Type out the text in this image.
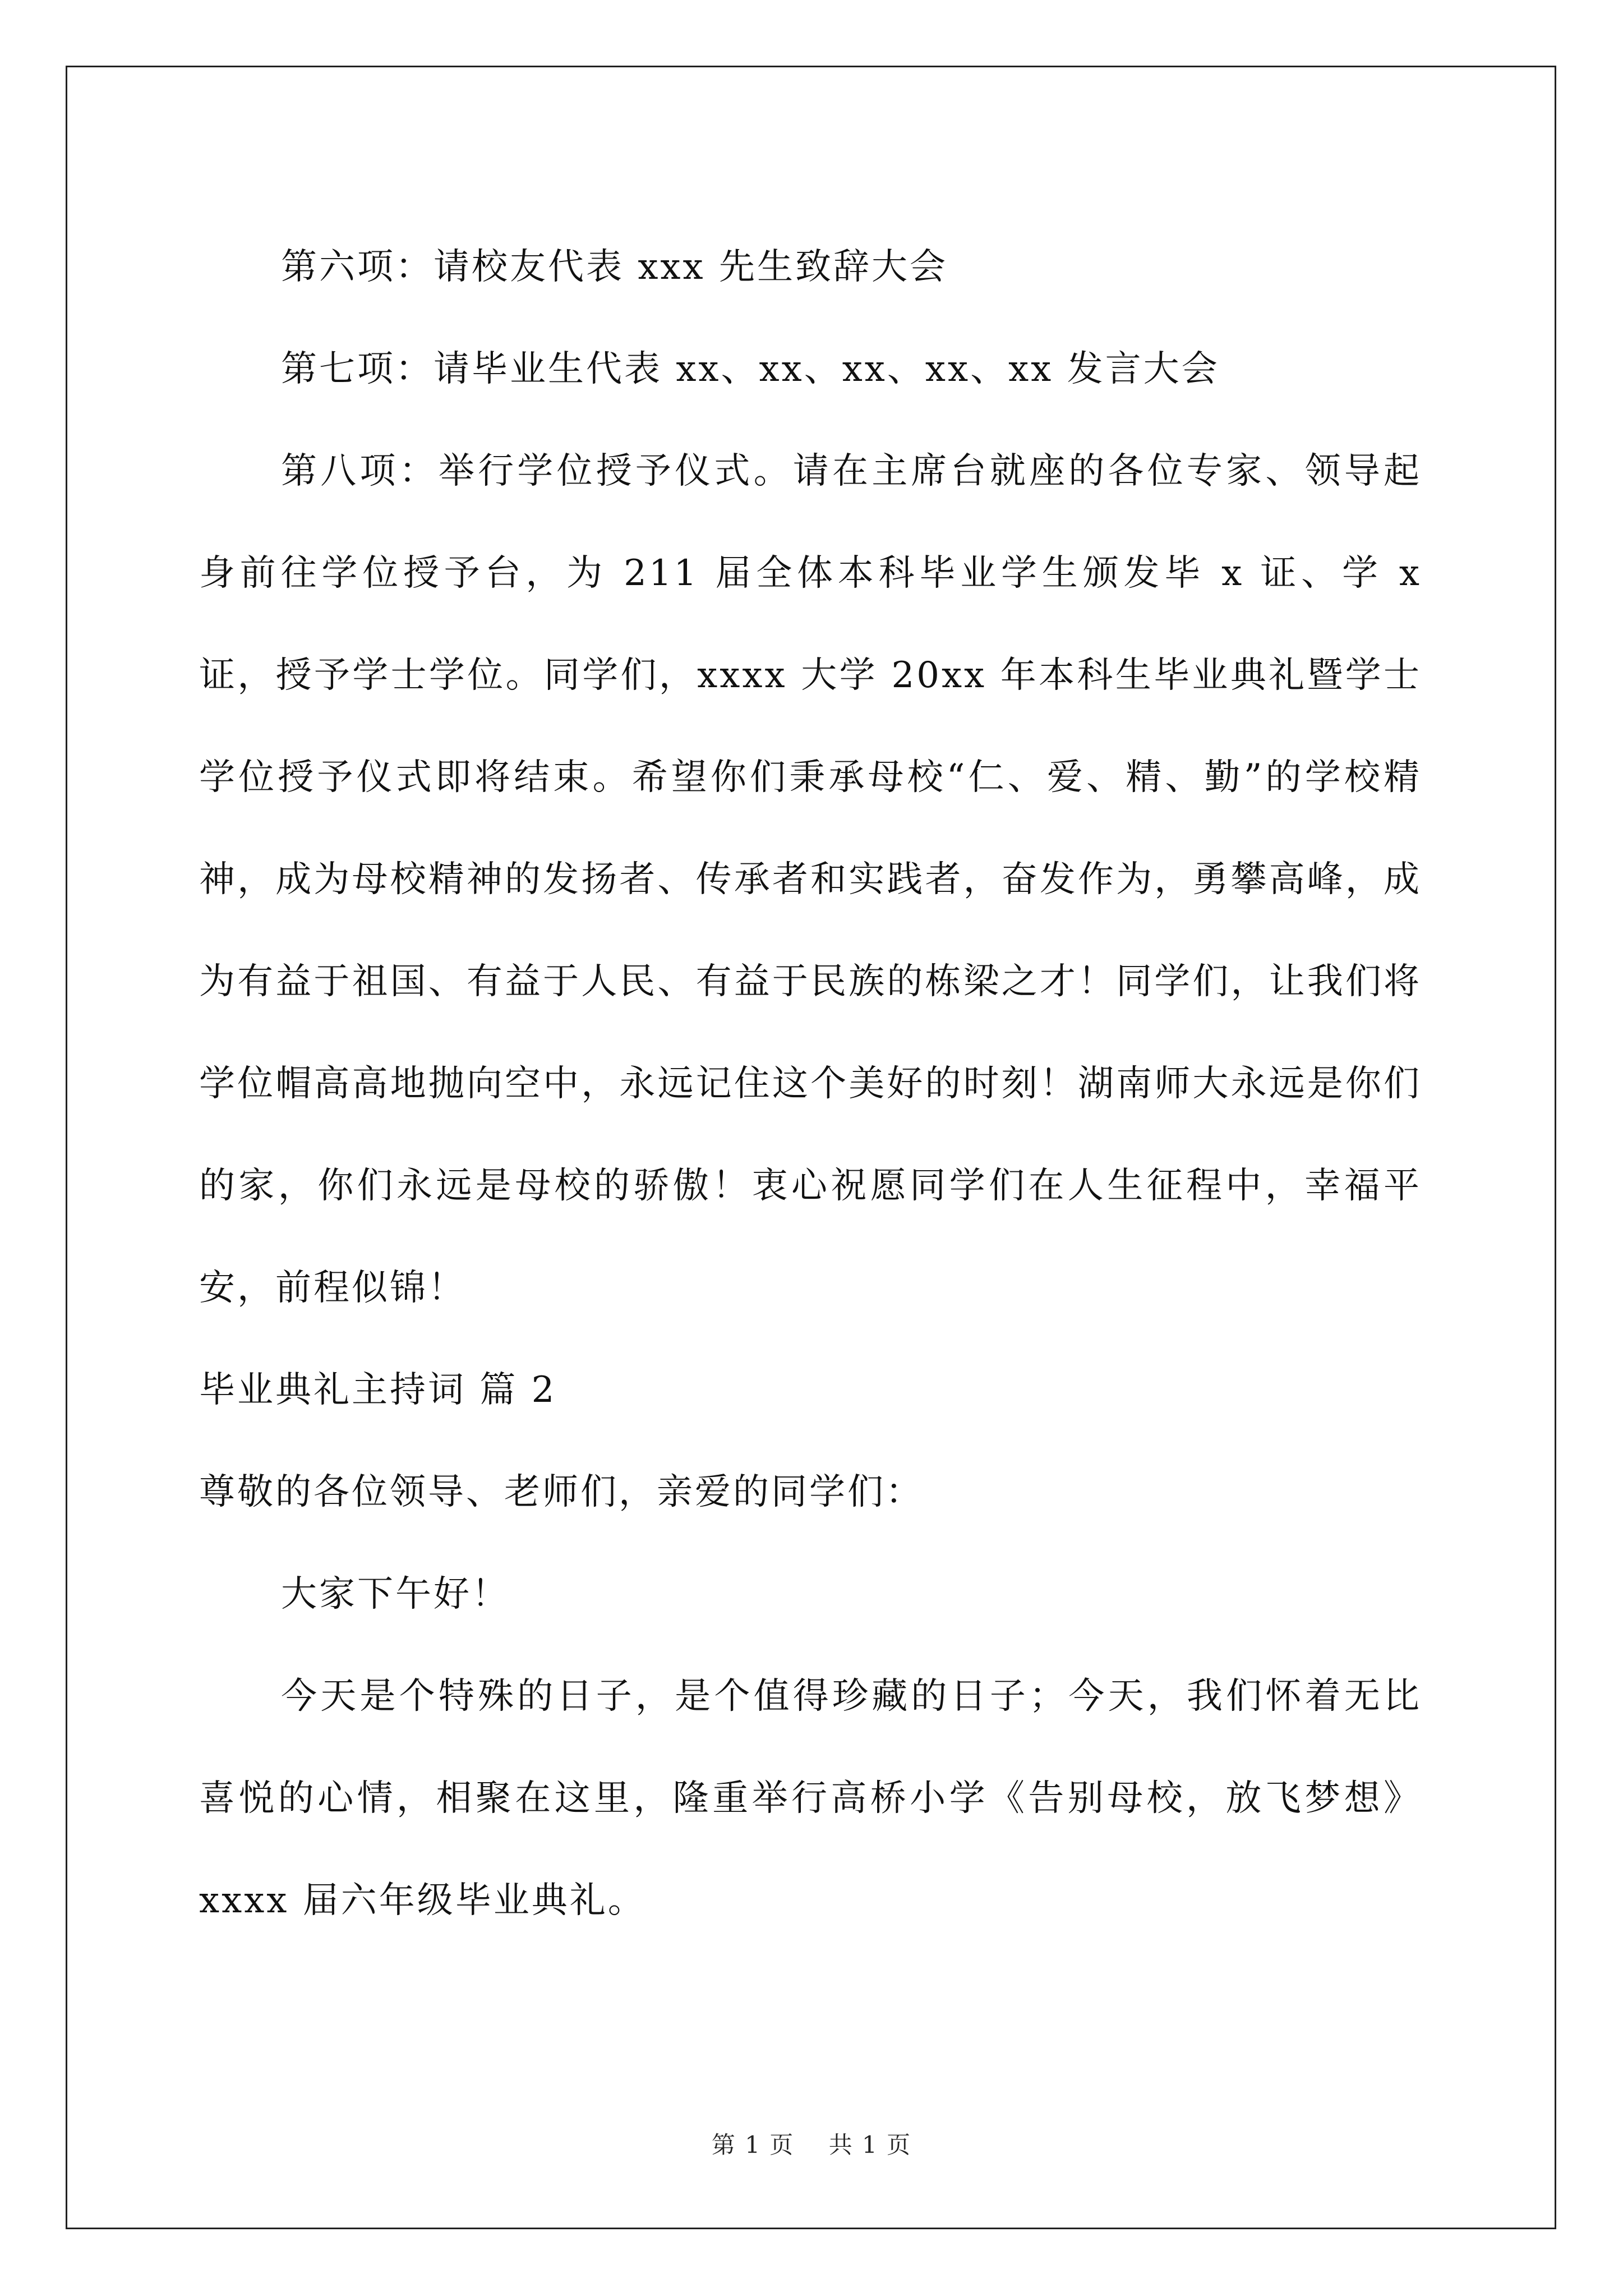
第六项：请校友代表 xxx 先生致辞大会

第七项：请毕业生代表 xx、xx、xx、xx、xx 发言大会

第八项：举行学位授予仪式。请在主席台就座的各位专家、领导起身前往学位授予台，为 211 届全体本科毕业学生颁发毕 x 证、学 x 证，授予学士学位。同学们，xxxx 大学 20xx 年本科生毕业典礼暨学士学位授予仪式即将结束。希望你们秉承母校“仁、爱、精、勤”的学校精神，成为母校精神的发扬者、传承者和实践者，奋发作为，勇攀高峰，成为有益于祖国、有益于人民、有益于民族的栋梁之才！同学们，让我们将学位帽高高地抛向空中，永远记住这个美好的时刻！湖南师大永远是你们的家，你们永远是母校的骄傲！衷心祝愿同学们在人生征程中，幸福平安，前程似锦！

毕业典礼主持词 篇 2

尊敬的各位领导、老师们，亲爱的同学们：

大家下午好！

今天是个特殊的日子，是个值得珍藏的日子；今天，我们怀着无比喜悦的心情，相聚在这里，隆重举行高桥小学《告别母校，放飞梦想》xxxx 届六年级毕业典礼。

第 1 页    共 1 页
